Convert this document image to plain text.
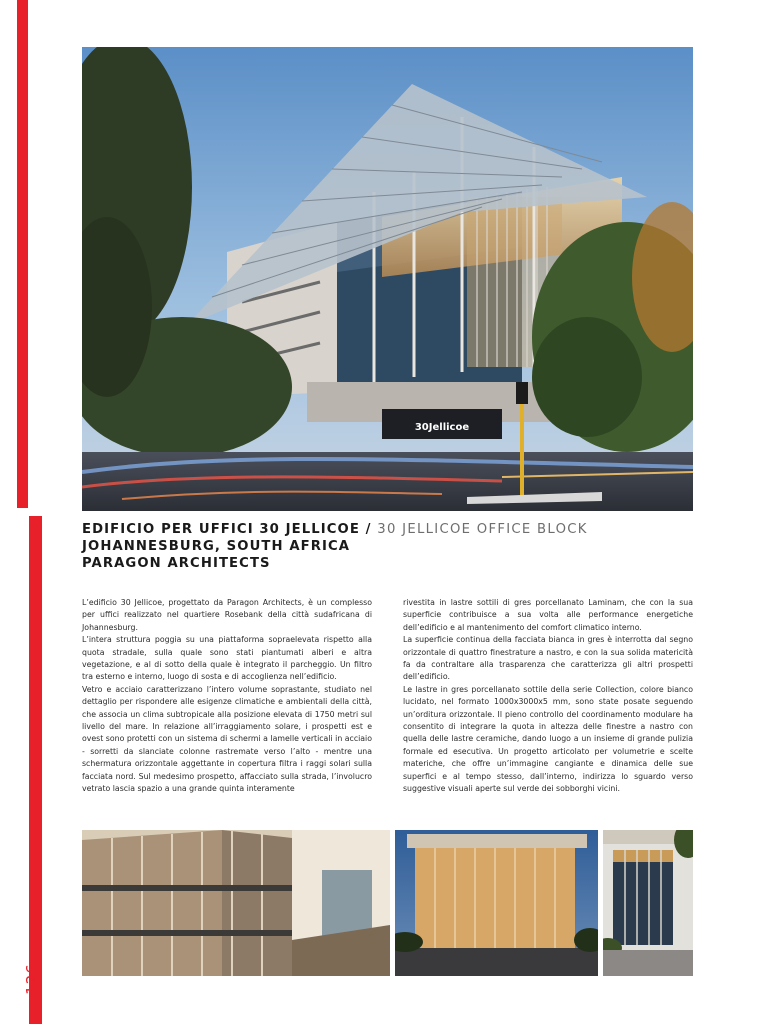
126
30Jellicoe
EDIFICIO PER UFFICI 30 JELLICOE / 30 JELLICOE OFFICE BLOCK
JOHANNESBURG, SOUTH AFRICA
PARAGON ARCHITECTS

L’edificio 30 Jellicoe, progettato da Paragon Architects, è un complesso per uffici realizzato nel quartiere Rosebank della città sudafricana di Johannesburg.

L’intera struttura poggia su una piattaforma sopraelevata rispetto alla quota stradale, sulla quale sono stati piantumati alberi e altra vegetazione, e al di sotto della quale è integrato il parcheggio. Un filtro tra esterno e interno, luogo di sosta e di accoglienza nell’edificio.

Vetro e acciaio caratterizzano l’intero volume soprastante, studiato nel dettaglio per rispondere alle esigenze climatiche e ambientali della città, che associa un clima subtropicale alla posizione elevata di 1750 metri sul livello del mare. In relazione all’irraggiamento solare, i prospetti est e ovest sono protetti con un sistema di schermi a lamelle verticali in acciaio - sorretti da slanciate colonne rastremate verso l’alto - mentre una schermatura orizzontale aggettante in copertura filtra i raggi solari sulla facciata nord. Sul medesimo prospetto, affacciato sulla strada, l’involucro vetrato lascia spazio a una grande quinta interamente

rivestita in lastre sottili di gres porcellanato Laminam, che con la sua superficie contribuisce a sua volta alle performance energetiche dell’edificio e al mantenimento del comfort climatico interno.

La superficie continua della facciata bianca in gres è interrotta dal segno orizzontale di quattro finestrature a nastro, e con la sua solida matericità fa da contraltare alla trasparenza che caratterizza gli altri prospetti dell’edificio.

Le lastre in gres porcellanato sottile della serie Collection, colore bianco lucidato, nel formato 1000x3000x5 mm, sono state posate seguendo un’orditura orizzontale. Il pieno controllo del coordinamento modulare ha consentito di integrare la quota in altezza delle finestre a nastro con quella delle lastre ceramiche, dando luogo a un insieme di grande pulizia formale ed esecutiva. Un progetto articolato per volumetrie e scelte materiche, che offre un’immagine cangiante e dinamica delle sue superfici e al tempo stesso, dall’interno, indirizza lo sguardo verso suggestive visuali aperte sul verde dei sobborghi vicini.
